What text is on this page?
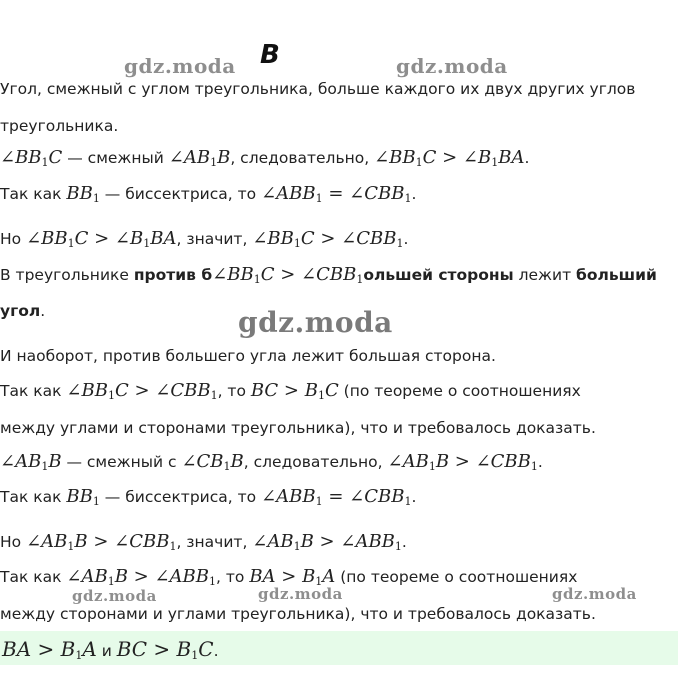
gdz.moda B	gdz.moda
gdz.moda
gdz.moda	gdz.moda	gdz.moda
Угол, смежный с углом треугольника, больше каждого их двух других углов
треугольника.
$\angle BB_1C$ — смежный $\angle AB_1B$, следовательно, $\angle BB_1C$ > $\angle B_1BA$.
Так как $BB_1$ — биссектриса, то $\angle ABB_1$ = $\angle CBB_1$.
Но $\angle BB_1C$ > $\angle B_1BA$, значит, $\angle BB_1C$ > $\angle CBB_1$.
В треугольнике против $б\angle BB_1C$ > $\angle CBB_1ольшей$ стороны лежит больший
угол.
И наоборот, против большего угла лежит большая сторона.
Так как $\angle BB_1C$ > $\angle CBB_1$, то BC > $B_1C$ (по теореме о соотношениях
между углами и сторонами треугольника), что и требовалось доказать.
$\angle AB_1B$ — смежный с $\angle CB_1B$, следовательно, $\angle AB_1B$ > $\angle CBB_1$.
Так как $BB_1$ — биссектриса, то $\angle ABB_1$ = $\angle CBB_1$.
Но $\angle AB_1B$ > $\angle CBB_1$, значит, $\angle AB_1B$ > $\angle ABB_1$.
Так как $\angle AB_1B$ > $\angle ABB_1$, то BA > $B_1A$ (по теореме о соотношениях
между сторонами и углами треугольника), что и требовалось доказать.
BA > $B_1A$ и BC > $B_1C$.
